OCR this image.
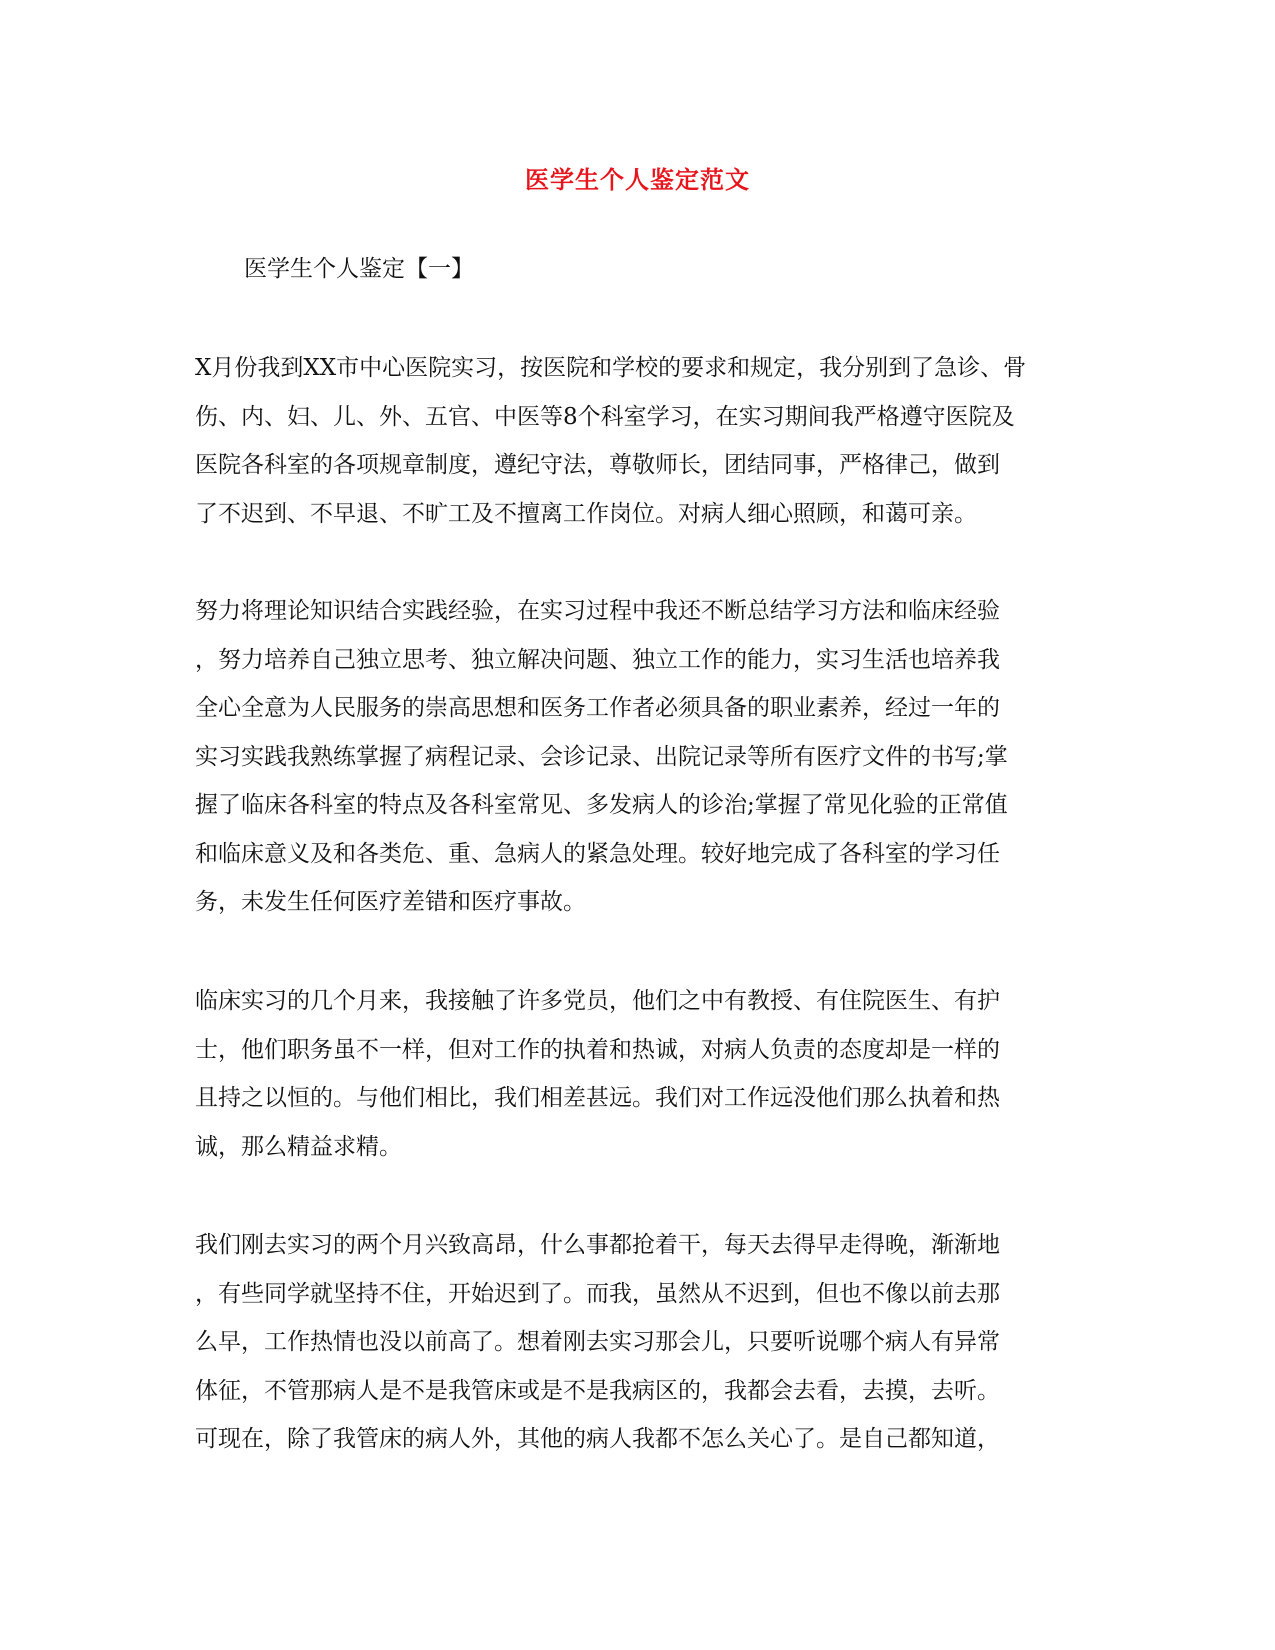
医学生个人鉴定范文
医学生个人鉴定【一】
X月份我到XX市中心医院实习，按医院和学校的要求和规定，我分别到了急诊、骨
伤、内、妇、儿、外、五官、中医等8个科室学习，在实习期间我严格遵守医院及
医院各科室的各项规章制度，遵纪守法，尊敬师长，团结同事，严格律己，做到
了不迟到、不早退、不旷工及不擅离工作岗位。对病人细心照顾，和蔼可亲。
努力将理论知识结合实践经验，在实习过程中我还不断总结学习方法和临床经验
，努力培养自己独立思考、独立解决问题、独立工作的能力，实习生活也培养我
全心全意为人民服务的崇高思想和医务工作者必须具备的职业素养，经过一年的
实习实践我熟练掌握了病程记录、会诊记录、出院记录等所有医疗文件的书写;掌
握了临床各科室的特点及各科室常见、多发病人的诊治;掌握了常见化验的正常值
和临床意义及和各类危、重、急病人的紧急处理。较好地完成了各科室的学习任
务，未发生任何医疗差错和医疗事故。
临床实习的几个月来，我接触了许多党员，他们之中有教授、有住院医生、有护
士，他们职务虽不一样，但对工作的执着和热诚，对病人负责的态度却是一样的
且持之以恒的。与他们相比，我们相差甚远。我们对工作远没他们那么执着和热
诚，那么精益求精。
我们刚去实习的两个月兴致高昂，什么事都抢着干，每天去得早走得晚，渐渐地
，有些同学就坚持不住，开始迟到了。而我，虽然从不迟到，但也不像以前去那
么早，工作热情也没以前高了。想着刚去实习那会儿，只要听说哪个病人有异常
体征，不管那病人是不是我管床或是不是我病区的，我都会去看，去摸，去听。
可现在，除了我管床的病人外，其他的病人我都不怎么关心了。是自己都知道，
